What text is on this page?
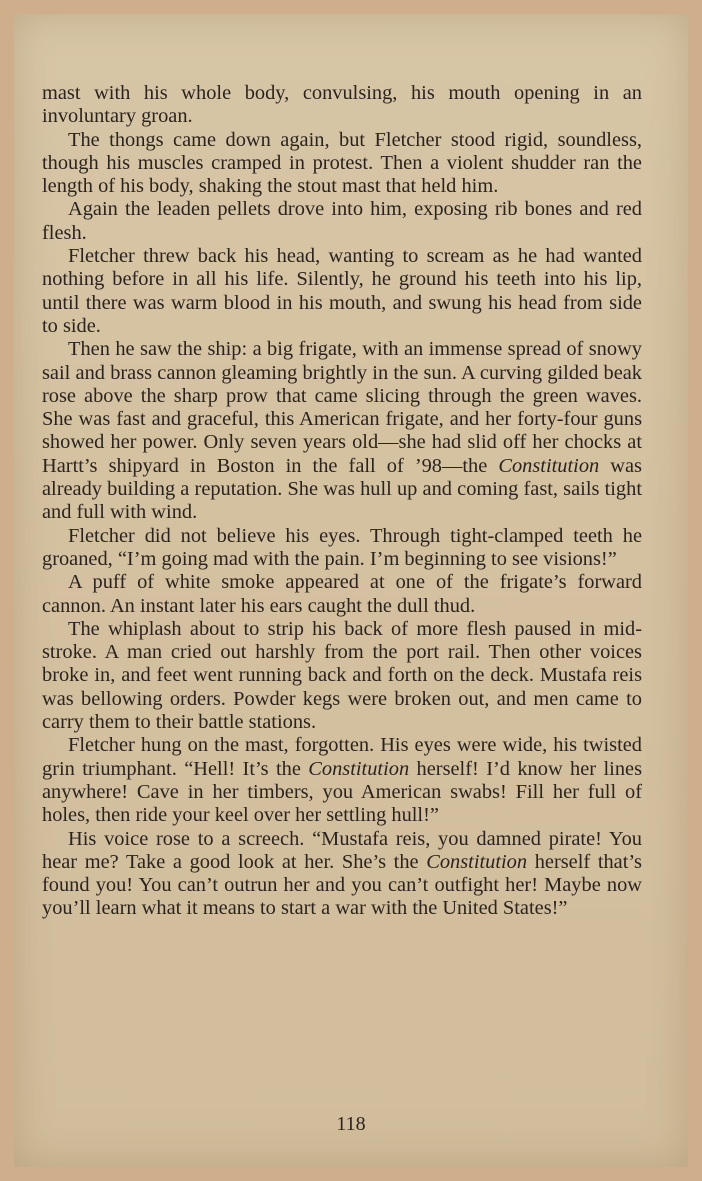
mast with his whole body, convulsing, his mouth opening in an involuntary groan.

The thongs came down again, but Fletcher stood rigid, soundless, though his muscles cramped in protest. Then a violent shudder ran the length of his body, shaking the stout mast that held him.

Again the leaden pellets drove into him, exposing rib bones and red flesh.

Fletcher threw back his head, wanting to scream as he had wanted nothing before in all his life. Silently, he ground his teeth into his lip, until there was warm blood in his mouth, and swung his head from side to side.

Then he saw the ship: a big frigate, with an immense spread of snowy sail and brass cannon gleaming brightly in the sun. A curving gilded beak rose above the sharp prow that came slicing through the green waves. She was fast and graceful, this American frigate, and her forty-four guns showed her power. Only seven years old—she had slid off her chocks at Hartt’s shipyard in Boston in the fall of ’98—the Constitution was already building a reputation. She was hull up and coming fast, sails tight and full with wind.

Fletcher did not believe his eyes. Through tight-clamped teeth he groaned, “I’m going mad with the pain. I’m beginning to see visions!”

A puff of white smoke appeared at one of the frigate’s forward cannon. An instant later his ears caught the dull thud.

The whiplash about to strip his back of more flesh paused in mid-stroke. A man cried out harshly from the port rail. Then other voices broke in, and feet went running back and forth on the deck. Mustafa reis was bellowing orders. Powder kegs were broken out, and men came to carry them to their battle stations.

Fletcher hung on the mast, forgotten. His eyes were wide, his twisted grin triumphant. “Hell! It’s the Constitution herself! I’d know her lines anywhere! Cave in her timbers, you American swabs! Fill her full of holes, then ride your keel over her settling hull!”

His voice rose to a screech. “Mustafa reis, you damned pirate! You hear me? Take a good look at her. She’s the Constitution herself that’s found you! You can’t outrun her and you can’t outfight her! Maybe now you’ll learn what it means to start a war with the United States!”

118
